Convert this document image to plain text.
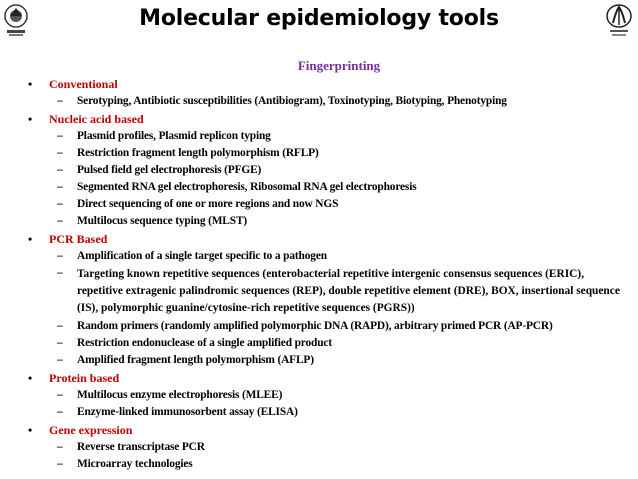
Molecular epidemiology tools
Fingerprinting
• Conventional
– Serotyping, Antibiotic susceptibilities (Antibiogram), Toxinotyping, Biotyping, Phenotyping
• Nucleic acid based
– Plasmid profiles, Plasmid replicon typing
– Restriction fragment length polymorphism (RFLP)
– Pulsed field gel electrophoresis (PFGE)
– Segmented RNA gel electrophoresis, Ribosomal RNA gel electrophoresis
– Direct sequencing of one or more regions and now NGS
– Multilocus sequence typing (MLST)
• PCR Based
– Amplification of a single target specific to a pathogen
– Targeting known repetitive sequences (enterobacterial repetitive intergenic consensus sequences (ERIC), repetitive extragenic palindromic sequences (REP), double repetitive element (DRE), BOX, insertional sequence (IS), polymorphic guanine/cytosine-rich repetitive sequences (PGRS))
– Random primers (randomly amplified polymorphic DNA (RAPD), arbitrary primed PCR (AP-PCR)
– Restriction endonuclease of a single amplified product
– Amplified fragment length polymorphism (AFLP)
• Protein based
– Multilocus enzyme electrophoresis (MLEE)
– Enzyme-linked immunosorbent assay (ELISA)
• Gene expression
– Reverse transcriptase PCR
– Microarray technologies
